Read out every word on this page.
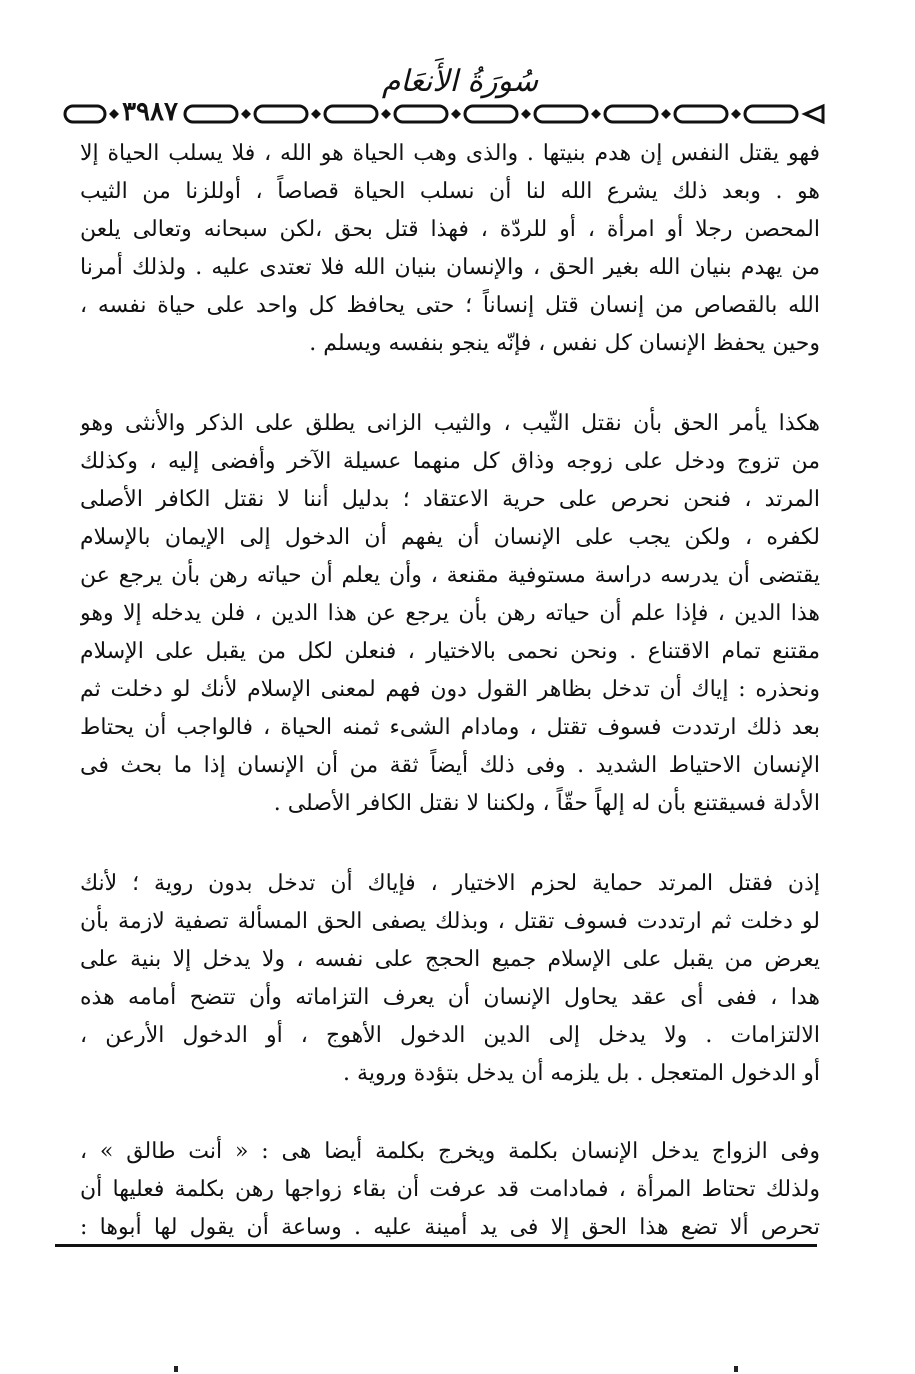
سُورَةُ الأَنعَام
٣٩٨٧
فهو يقتل النفس إن هدم بنيتها . والذى وهب الحياة هو الله ، فلا يسلب الحياة إلا
هو . وبعد ذلك يشرع الله لنا أن نسلب الحياة قصاصاً ، أوللزنا من الثيب
المحصن رجلا أو امرأة ، أو للردّة ، فهذا قتل بحق ،لكن سبحانه وتعالى يلعن
من يهدم بنيان الله بغير الحق ، والإنسان بنيان الله فلا تعتدى عليه . ولذلك أمرنا
الله بالقصاص من إنسان قتل إنساناً ؛ حتى يحافظ كل واحد على حياة نفسه ،
وحين يحفظ الإنسان كل نفس ، فإنّه ينجو بنفسه ويسلم .
هكذا يأمر الحق بأن نقتل الثّيب ، والثيب الزانى يطلق على الذكر والأنثى وهو
من تزوج ودخل على زوجه وذاق كل منهما عسيلة الآخر وأفضى إليه ، وكذلك
المرتد ، فنحن نحرص على حرية الاعتقاد ؛ بدليل أننا لا نقتل الكافر الأصلى
لكفره ، ولكن يجب على الإنسان أن يفهم أن الدخول إلى الإيمان بالإسلام
يقتضى أن يدرسه دراسة مستوفية مقنعة ، وأن يعلم أن حياته رهن بأن يرجع عن
هذا الدين ، فإذا علم أن حياته رهن بأن يرجع عن هذا الدين ، فلن يدخله إلا وهو
مقتنع تمام الاقتناع . ونحن نحمى بالاختيار ، فنعلن لكل من يقبل على الإسلام
ونحذره : إياك أن تدخل بظاهر القول دون فهم لمعنى الإسلام لأنك لو دخلت ثم
بعد ذلك ارتددت فسوف تقتل ، ومادام الشىء ثمنه الحياة ، فالواجب أن يحتاط
الإنسان الاحتياط الشديد . وفى ذلك أيضاً ثقة من أن الإنسان إذا ما بحث فى
الأدلة فسيقتنع بأن له إلهاً حقّاً ، ولكننا لا نقتل الكافر الأصلى .
إذن فقتل المرتد حماية لحزم الاختيار ، فإياك أن تدخل بدون روية ؛ لأنك
لو دخلت ثم ارتددت فسوف تقتل ، وبذلك يصفى الحق المسألة تصفية لازمة بأن
يعرض من يقبل على الإسلام جميع الحجج على نفسه ، ولا يدخل إلا بنية على
هدا ، ففى أى عقد يحاول الإنسان أن يعرف التزاماته وأن تتضح أمامه هذه
الالتزامات . ولا يدخل إلى الدين الدخول الأهوج ، أو الدخول الأرعن ،
أو الدخول المتعجل . بل يلزمه أن يدخل بتؤدة وروية .
وفى الزواج يدخل الإنسان بكلمة ويخرج بكلمة أيضا هى : « أنت طالق » ،
ولذلك تحتاط المرأة ، فمادامت قد عرفت أن بقاء زواجها رهن بكلمة فعليها أن
تحرص ألا تضع هذا الحق إلا فى يد أمينة عليه . وساعة أن يقول لها أبوها :
